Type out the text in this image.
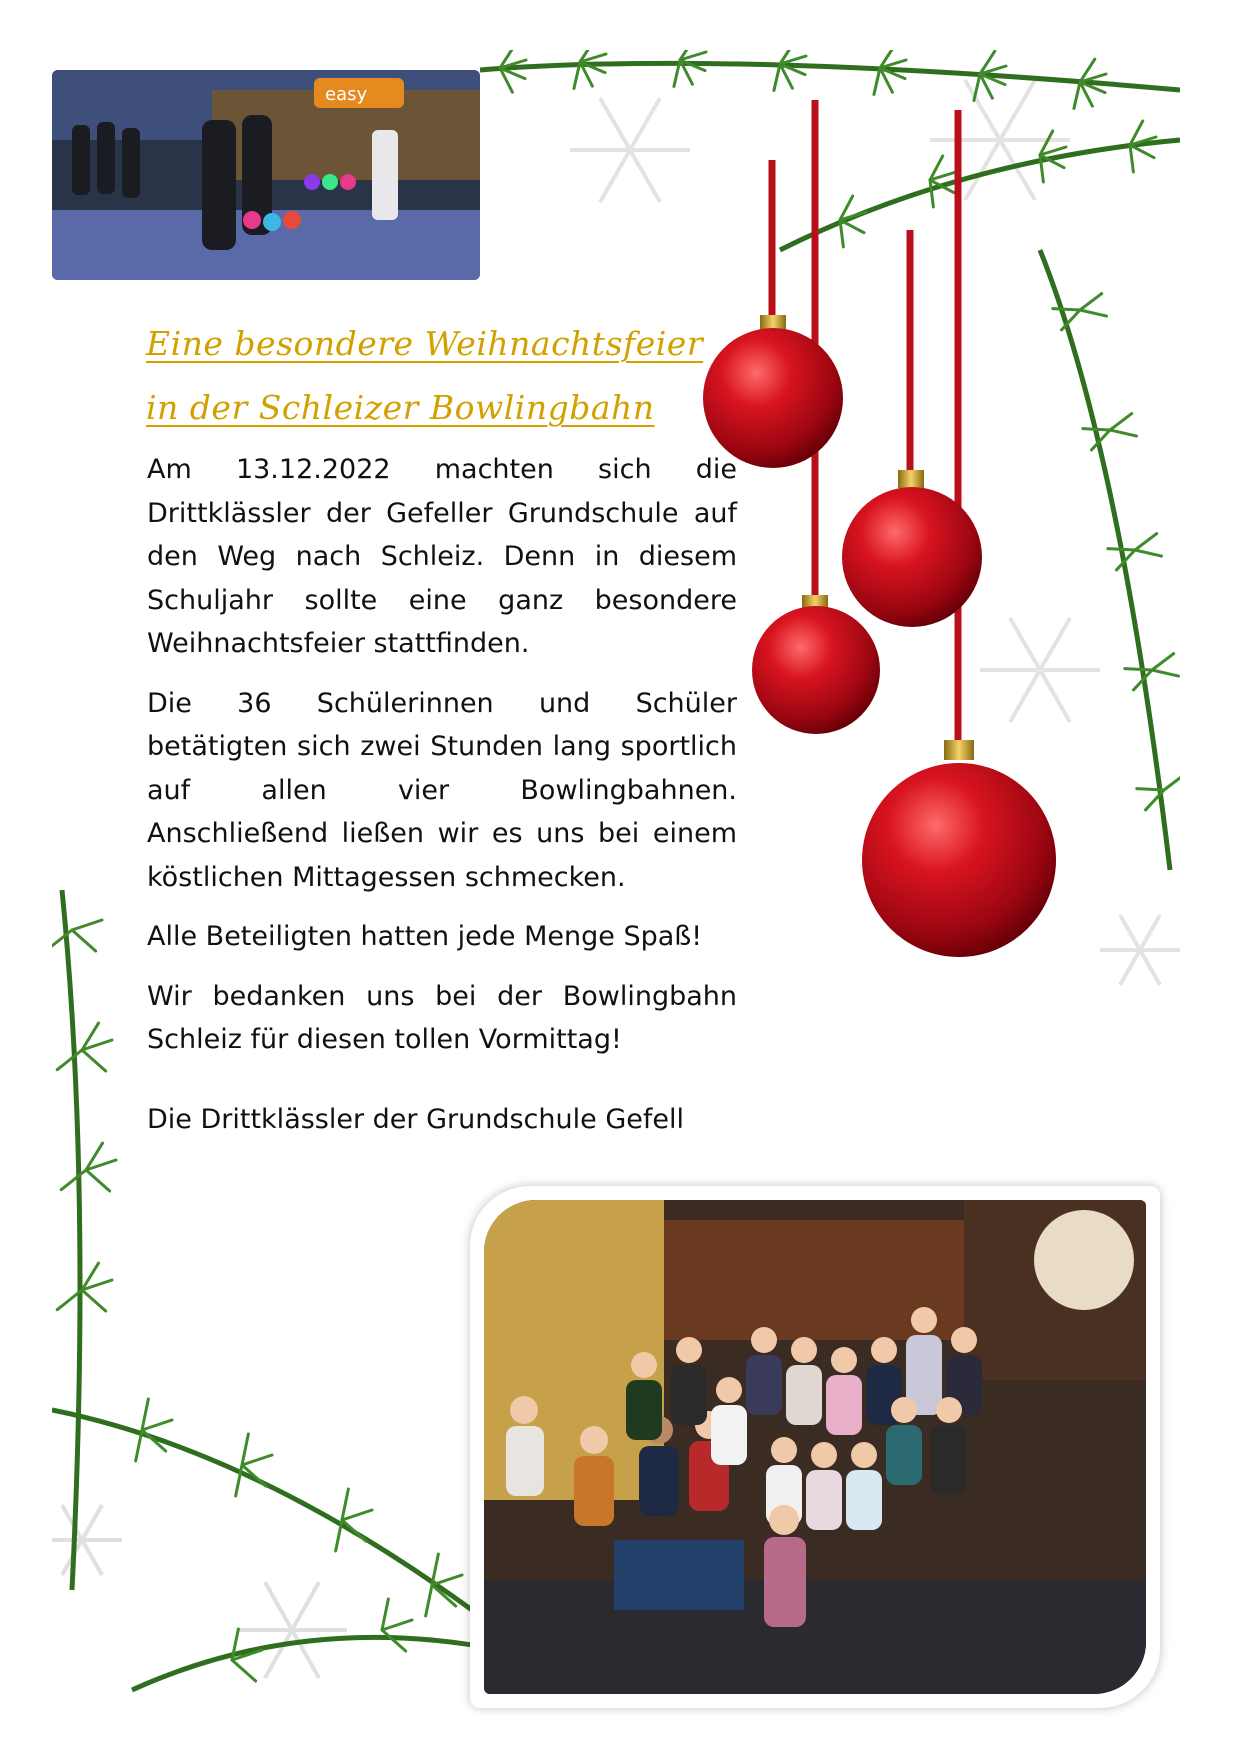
easy
Eine besondere Weihnachtsfeier
in der Schleizer Bowlingbahn

Am 13.12.2022 machten sich die Drittklässler der Gefeller Grundschule auf den Weg nach Schleiz. Denn in diesem Schuljahr sollte eine ganz besondere Weihnachtsfeier stattfinden.

Die 36 Schülerinnen und Schüler betätigten sich zwei Stunden lang sportlich auf allen vier Bowlingbahnen. Anschließend ließen wir es uns bei einem köstlichen Mittagessen schmecken.

Alle Beteiligten hatten jede Menge Spaß!

Wir bedanken uns bei der Bowlingbahn Schleiz für diesen tollen Vormittag!

Die Drittklässler der Grundschule Gefell
